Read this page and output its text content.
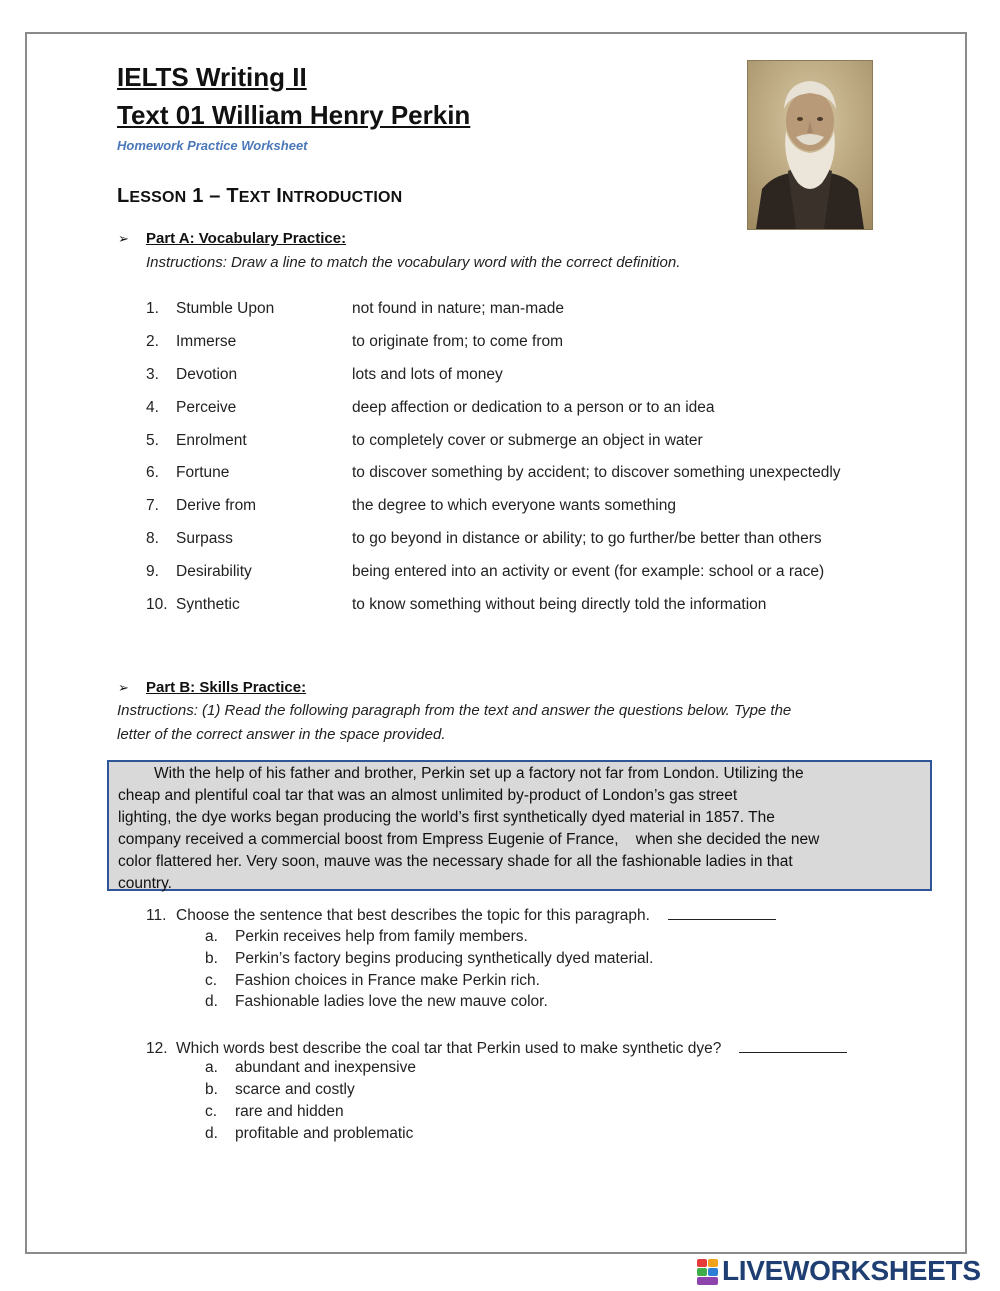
IELTS Writing II
Text 01 William Henry Perkin
Homework Practice Worksheet
LESSON 1 – TEXT INTRODUCTION
➢ Part A: Vocabulary Practice:
Instructions: Draw a line to match the vocabulary word with the correct definition.
1.	Stumble Upon	not found in nature; man-made
2.	Immerse	to originate from; to come from
3.	Devotion	lots and lots of money
4.	Perceive	deep affection or dedication to a person or to an idea
5.	Enrolment	to completely cover or submerge an object in water
6.	Fortune	to discover something by accident; to discover something unexpectedly
7.	Derive from	the degree to which everyone wants something
8.	Surpass	to go beyond in distance or ability; to go further/be better than others
9.	Desirability	being entered into an activity or event (for example: school or a race)
10. Synthetic	to know something without being directly told the information
➢ Part B: Skills Practice:
Instructions: (1) Read the following paragraph from the text and answer the questions below. Type the
letter of the correct answer in the space provided.

With the help of his father and brother, Perkin set up a factory not far from London. Utilizing the

cheap and plentiful coal tar that was an almost unlimited by-product of London’s gas street

lighting, the dye works began producing the world’s first synthetically dyed material in 1857. The

company received a commercial boost from Empress Eugenie of France,    when she decided the new

color flattered her. Very soon, mauve was the necessary shade for all the fashionable ladies in that

country.

11. Choose the sentence that best describes the topic for this paragraph.
a. Perkin receives help from family members.
b. Perkin’s factory begins producing synthetically dyed material.
c. Fashion choices in France make Perkin rich.
d. Fashionable ladies love the new mauve color.
12. Which words best describe the coal tar that Perkin used to make synthetic dye?
a. abundant and inexpensive
b. scarce and costly
c. rare and hidden
d. profitable and problematic
LIVEWORKSHEETS
